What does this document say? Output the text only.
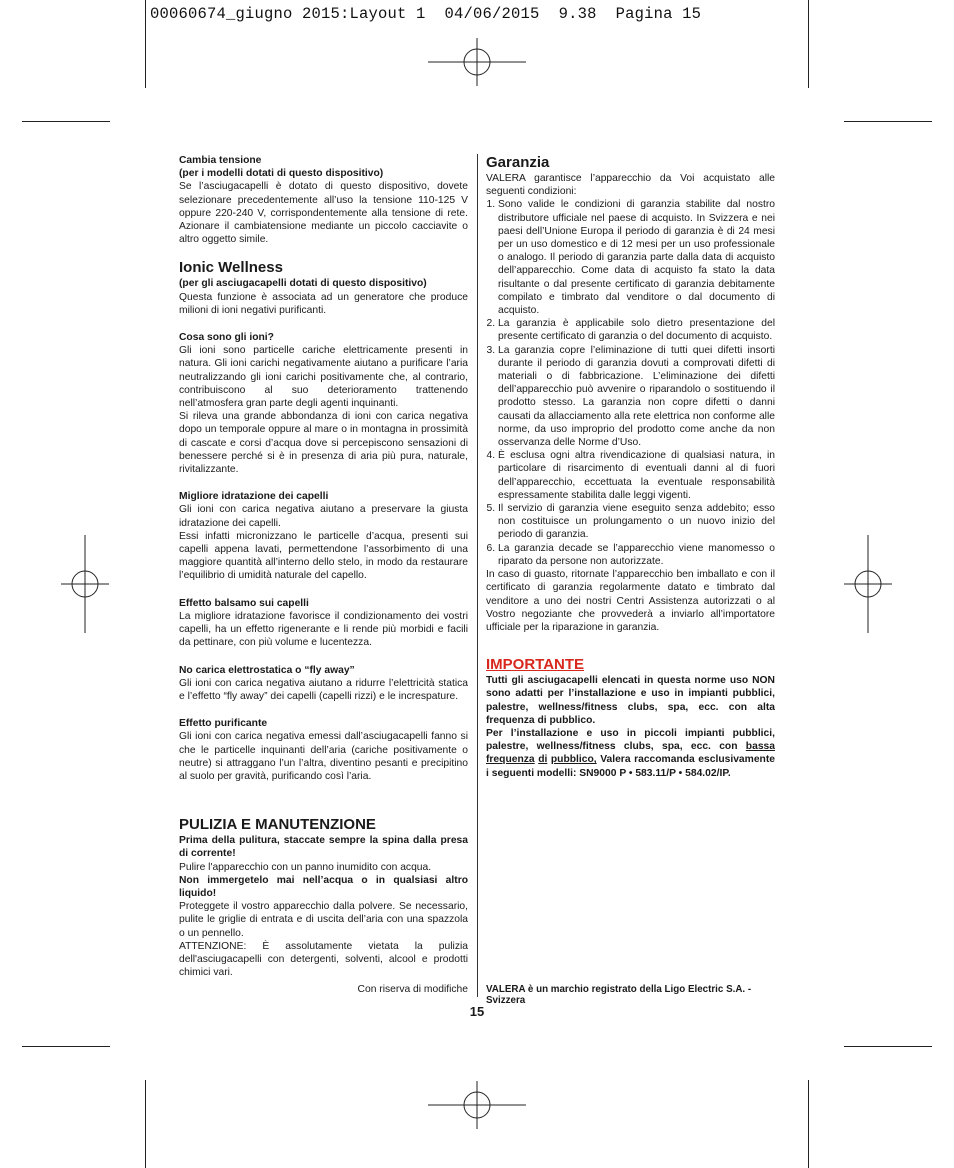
00060674_giugno 2015:Layout 1  04/06/2015  9.38  Pagina 15

Cambia tensione

(per i modelli dotati di questo dispositivo)

Se l’asciugacapelli è dotato di questo dispositivo, dovete selezionare precedentemente all’uso la tensione 110-125 V oppure 220-240 V, corrispondentemente alla tensione di rete. Azionare il cambiatensione mediante un piccolo cacciavite o altro oggetto simile.

Ionic Wellness

(per gli asciugacapelli dotati di questo dispositivo)

Questa funzione è associata ad un generatore che produce milioni di ioni negativi purificanti.

Cosa sono gli ioni?

Gli ioni sono particelle cariche elettricamente presenti in natura. Gli ioni carichi negativamente aiutano a purificare l’aria neutralizzando gli ioni carichi positivamente che, al contrario, contribuiscono al suo deterioramento trattenendo nell’atmosfera gran parte degli agenti inquinanti.

Si rileva una grande abbondanza di ioni con carica negativa dopo un temporale oppure al mare o in montagna in prossimità di cascate e corsi d’acqua dove si percepiscono sensazioni di benessere perché si è in presenza di aria più pura, naturale, rivitalizzante.

Migliore idratazione dei capelli

Gli ioni con carica negativa aiutano a preservare la giusta idratazione dei capelli.

Essi infatti micronizzano le particelle d’acqua, presenti sui capelli appena lavati, permettendone l’assorbimento di una maggiore quantità all’interno dello stelo, in modo da restaurare l’equilibrio di umidità naturale del capello.

Effetto balsamo sui capelli

La migliore idratazione favorisce il condizionamento dei vostri capelli, ha un effetto rigenerante e li rende più morbidi e facili da pettinare, con più volume e lucentezza.

No carica elettrostatica o “fly away”

Gli ioni con carica negativa aiutano a ridurre l’elettricità statica e l’effetto “fly away” dei capelli (capelli rizzi) e le increspature.

Effetto purificante

Gli ioni con carica negativa emessi dall’asciugacapelli fanno si che le particelle inquinanti dell’aria (cariche positivamente o neutre) si attraggano l’un l’altra, diventino pesanti e precipitino al suolo per gravità, purificando così l’aria.

PULIZIA E MANUTENZIONE

Prima della pulitura, staccate sempre la spina dalla presa di corrente!

Pulire l'apparecchio con un panno inumidito con acqua.

Non immergetelo mai nell’acqua o in qualsiasi altro liquido!

Proteggete il vostro apparecchio dalla polvere. Se necessario, pulite le griglie di entrata e di uscita dell’aria con una spazzola o un pennello.

ATTENZIONE: È assolutamente vietata la pulizia dell'asciugacapelli con detergenti, solventi, alcool e prodotti chimici vari.

Garanzia

VALERA garantisce l’apparecchio da Voi acquistato alle seguenti condizioni:

1. Sono valide le condizioni di garanzia stabilite dal nostro distributore ufficiale nel paese di acquisto. In Svizzera e nei paesi dell’Unione Europa il periodo di garanzia è di 24 mesi per un uso domestico e di 12 mesi per un uso professionale o analogo. Il periodo di garanzia parte dalla data di acquisto dell’apparecchio. Come data di acquisto fa stato la data risultante o dal presente certificato di garanzia debitamente compilato e timbrato dal venditore o dal documento di acquisto.
2. La garanzia è applicabile solo dietro presentazione del presente certificato di garanzia o del documento di acquisto.
3. La garanzia copre l’eliminazione di tutti quei difetti insorti durante il periodo di garanzia dovuti a comprovati difetti di materiali o di fabbricazione. L’eliminazione dei difetti dell’apparecchio può avvenire o riparandolo o sostituendo il prodotto stesso. La garanzia non copre difetti o danni causati da allacciamento alla rete elettrica non conforme alle norme, da uso improprio del prodotto come anche da non osservanza delle Norme d’Uso.
4. È esclusa ogni altra rivendicazione di qualsiasi natura, in particolare di risarcimento di eventuali danni al di fuori dell’apparecchio, eccettuata la eventuale responsabilità espressamente stabilita dalle leggi vigenti.
5. Il servizio di garanzia viene eseguito senza addebito; esso non costituisce un prolungamento o un nuovo inizio del periodo di garanzia.
6. La garanzia decade se l’apparecchio viene manomesso o riparato da persone non autorizzate.

In caso di guasto, ritornate l’apparecchio ben imballato e con il certificato di garanzia regolarmente datato e timbrato dal venditore a uno dei nostri Centri Assistenza autorizzati o al Vostro negoziante che provvederà a inviarlo all’importatore ufficiale per la riparazione in garanzia.

IMPORTANTE

Tutti gli asciugacapelli elencati in questa norme uso NON sono adatti per l’installazione e uso in impianti pubblici, palestre, wellness/fitness clubs, spa, ecc. con alta frequenza di pubblico.

Per l’installazione e uso in piccoli impianti pubblici, palestre, wellness/fitness clubs, spa, ecc. con bassa frequenza di pubblico, Valera raccomanda esclusivamente i seguenti modelli: SN9000 P • 583.11/P • 584.02/IP.

Con riserva di modifiche VALERA è un marchio registrato della Ligo Electric S.A. - Svizzera
15
